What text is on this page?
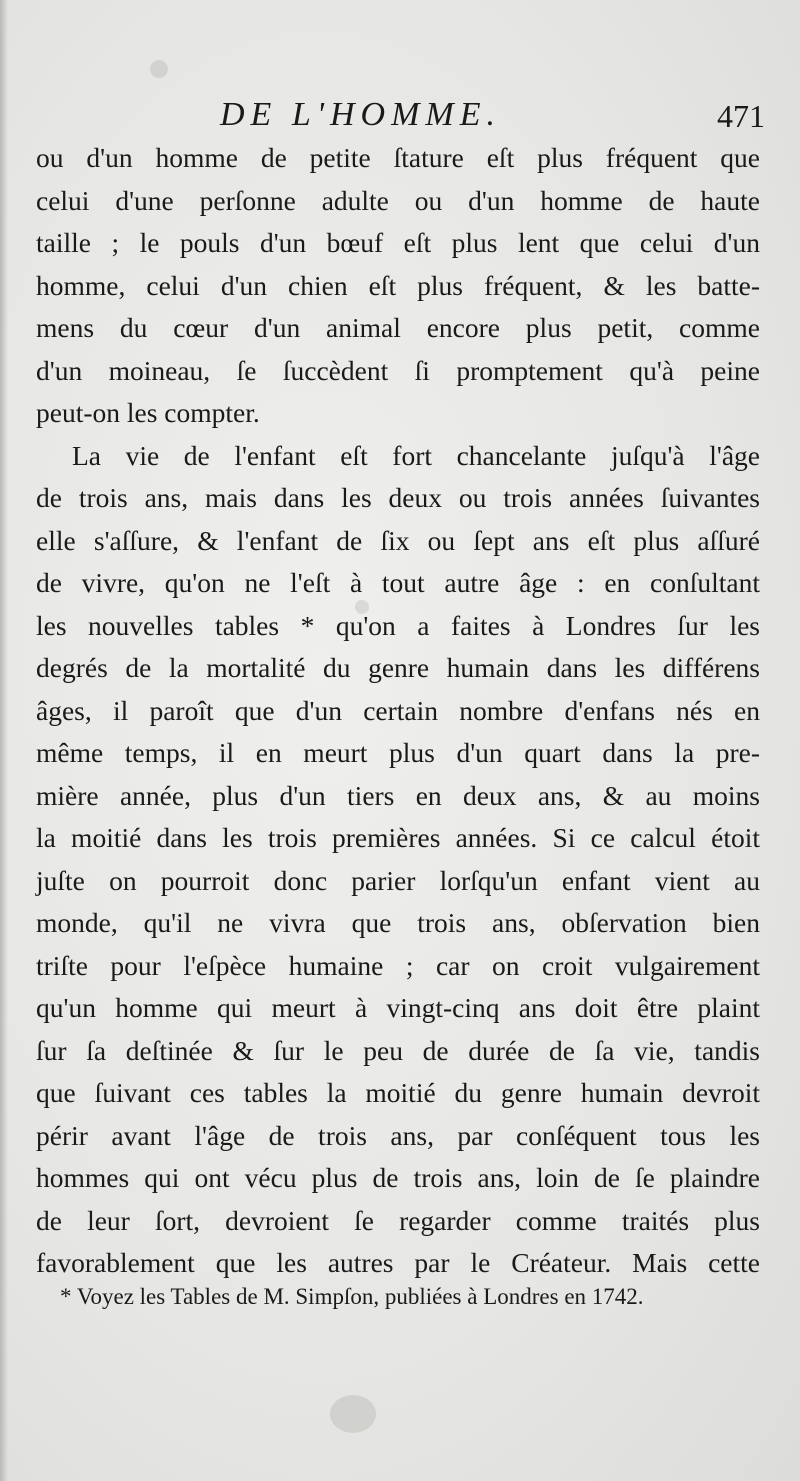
DE L'HOMME.	471
ou d'un homme de petite ſtature eſt plus fréquent que
celui d'une perſonne adulte ou d'un homme de haute
taille ; le pouls d'un bœuf eſt plus lent que celui d'un
homme, celui d'un chien eſt plus fréquent, & les batte-
mens du cœur d'un animal encore plus petit, comme
d'un moineau, ſe ſuccèdent ſi promptement qu'à peine
peut-on les compter.
La vie de l'enfant eſt fort chancelante juſqu'à l'âge
de trois ans, mais dans les deux ou trois années ſuivantes
elle s'aſſure, & l'enfant de ſix ou ſept ans eſt plus aſſuré
de vivre, qu'on ne l'eſt à tout autre âge : en conſultant
les nouvelles tables * qu'on a faites à Londres ſur les
degrés de la mortalité du genre humain dans les différens
âges, il paroît que d'un certain nombre d'enfans nés en
même temps, il en meurt plus d'un quart dans la pre-
mière année, plus d'un tiers en deux ans, & au moins
la moitié dans les trois premières années. Si ce calcul étoit
juſte on pourroit donc parier lorſqu'un enfant vient au
monde, qu'il ne vivra que trois ans, obſervation bien
triſte pour l'eſpèce humaine ; car on croit vulgairement
qu'un homme qui meurt à vingt-cinq ans doit être plaint
ſur ſa deſtinée & ſur le peu de durée de ſa vie, tandis
que ſuivant ces tables la moitié du genre humain devroit
périr avant l'âge de trois ans, par conſéquent tous les
hommes qui ont vécu plus de trois ans, loin de ſe plaindre
de leur ſort, devroient ſe regarder comme traités plus
favorablement que les autres par le Créateur. Mais cette
* Voyez les Tables de M. Simpſon, publiées à Londres en 1742.
